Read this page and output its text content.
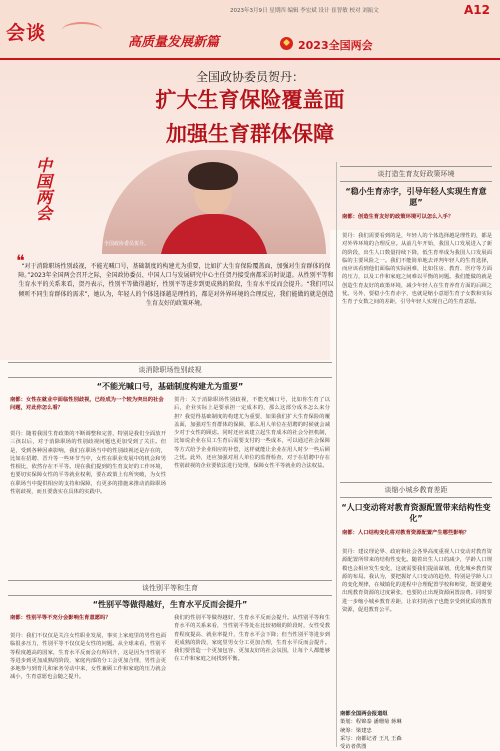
会谈
2023年3月9日 星期四 编辑 李宏斌 设计 崔智敏 校对 刘振文	A12
高质量发展新篇	2023全国两会
全国政协委员贺丹：
扩大生育保险覆盖面
加强生育群体保障
中国两会
全国政协委员贺丹。
❝
“对于消除职场性别歧视，不能光喊口号，基础制度的构建尤为重要，比如扩大生育保险覆盖面，加强对生育群体的保障。”2023年全国两会召开之际，全国政协委员、中国人口与发展研究中心主任贺丹接受南都采访时说道。从性别平等和生育水平的关系来看，贺丹表示，性别平等做得越好，性别平等进步到更成熟的阶段，生育水平反而会提升。“我们可以倾听不同生育群体的需求”，她认为，年轻人的个体选择越是理性的，都是对外界环境的合理反应，我们能做的就是创造生育友好的政策环境。
谈消除职场性别歧视
“不能光喊口号，基础制度构建尤为重要”
南都：女性在就业中面临性别歧视，已经成为一个较为突出的社会问题，对此你怎么看？
贺丹：随着我国生育政策的不断调整和完善，特别是我们全面放开三孩以后，对于消除职场的性别歧视问题也更加受到了关注。但是，受到各种因素影响，我们在职场当中的性别歧视还是存在的，比如在招聘、晋升等一些环节当中，女性在职业发展中的机会和男性相比，依然存在不平等。现在我们提到的生育友好的工作环境，也要切实保障女性的平等就业权利，要在政策上有所突破，为女性在职场当中提供相应的支持和保障，有更多的措施来推动消除职场性别歧视，而且要落实在具体的实践中。
贺丹：关于消除职场性别歧视，不能光喊口号，比如你生育了以后，企业实际上是要承担一定成本的，那么这部分成本怎么来分担？我觉得基础制度的构建尤为重要，如果我们扩大生育保险的覆盖面，加强对生育群体的保障，那么用人单位在招聘的时候就会减少对于女性的顾虑。同时还应该建立起生育成本的社会分担机制，比如说企业在员工生育后需要支付的一些成本，可以通过社会保障等方式给予企业相应的补偿，这样就能让企业在用人时少一些后顾之忧。此外，还应加强对用人单位的监督检查，对于在招聘中存在性别歧视的企业要依法进行处理，保障女性平等就业的合法权益。
谈性别平等和生育
“性别平等做得越好，生育水平反而会提升”
南都：性别平等不充分会影响生育意愿吗？
贺丹：我们不仅仅是关注女性职业发展，事实上家庭里的男性也面临很多压力，性别平等不仅仅是女性的问题。从全球来看，性别平等程度越高的国家，生育水平反而会有所回升，这是因为当性别平等进步到更加成熟的阶段，家庭内部的分工会更加合理，男性会更多地参与到育儿和家务劳动中来，女性兼顾工作和家庭的压力就会减小，生育意愿也会随之提升。
我们的性别平等做得越好，生育水平反而会提升。从性别平等和生育水平的关系来看，当性别平等处在比较初级的阶段时，女性受教育程度提高、就业率提升，生育水平会下降；但当性别平等进步到更成熟的阶段，家庭里男女分工更加合理，生育水平反而会提升。我们要营造一个更加包容、更加友好的社会氛围，让每个人都能够在工作和家庭之间找到平衡。
谈打造生育友好政策环境
“稳小生育赤字，引导年轻人实现生育意愿”
南都：创造生育友好的政策环境可以怎么入手？
贺丹：我们需要看到的是，年轻人的个体选择越是理性的，都是对外界环境的合理反应。从前几年开始，我国人口发展进入了新的阶段，出生人口数量持续下降，低生育率成为我国人口发展面临的主要风险之一。我们不能简单地去评判年轻人的生育选择，而应该看到他们面临的实际困难，比如住房、教育、医疗等方面的压力，以及工作和家庭之间难以平衡的问题。我们能做的就是创造生育友好的政策环境，减少年轻人在生育养育方面的后顾之忧。另外，要稳小生育赤字，也就是缩小意愿生育子女数和实际生育子女数之间的差距，引导年轻人实现自己的生育意愿。
谈缩小城乡教育差距
“人口变动将对教育资源配置带来结构性变化”
南都：人口结构变化将对教育资源配置产生哪些影响？
贺丹：建议理论界、政府和社会各界高度重视人口变动对教育资源配置所带来的结构性变化。随着出生人口的减少，学龄人口规模也会相应发生变化，这就需要我们提前谋划，优化城乡教育资源的布局。我认为，要把握好人口变动的趋势，特别是学龄人口的变化规律，在城镇化的进程中合理配置学校和师资，既要避免出现教育资源的过度紧张，也要防止出现资源闲置浪费。同时要进一步缩小城乡教育差距，让农村的孩子也能享受到优质的教育资源，促进教育公平。
南都全国两会报道组
策划：程锦泰 潘珊菊 蒋琳
统筹：梁建忠
采写：南都记者 王凡 王森
受访者供图
